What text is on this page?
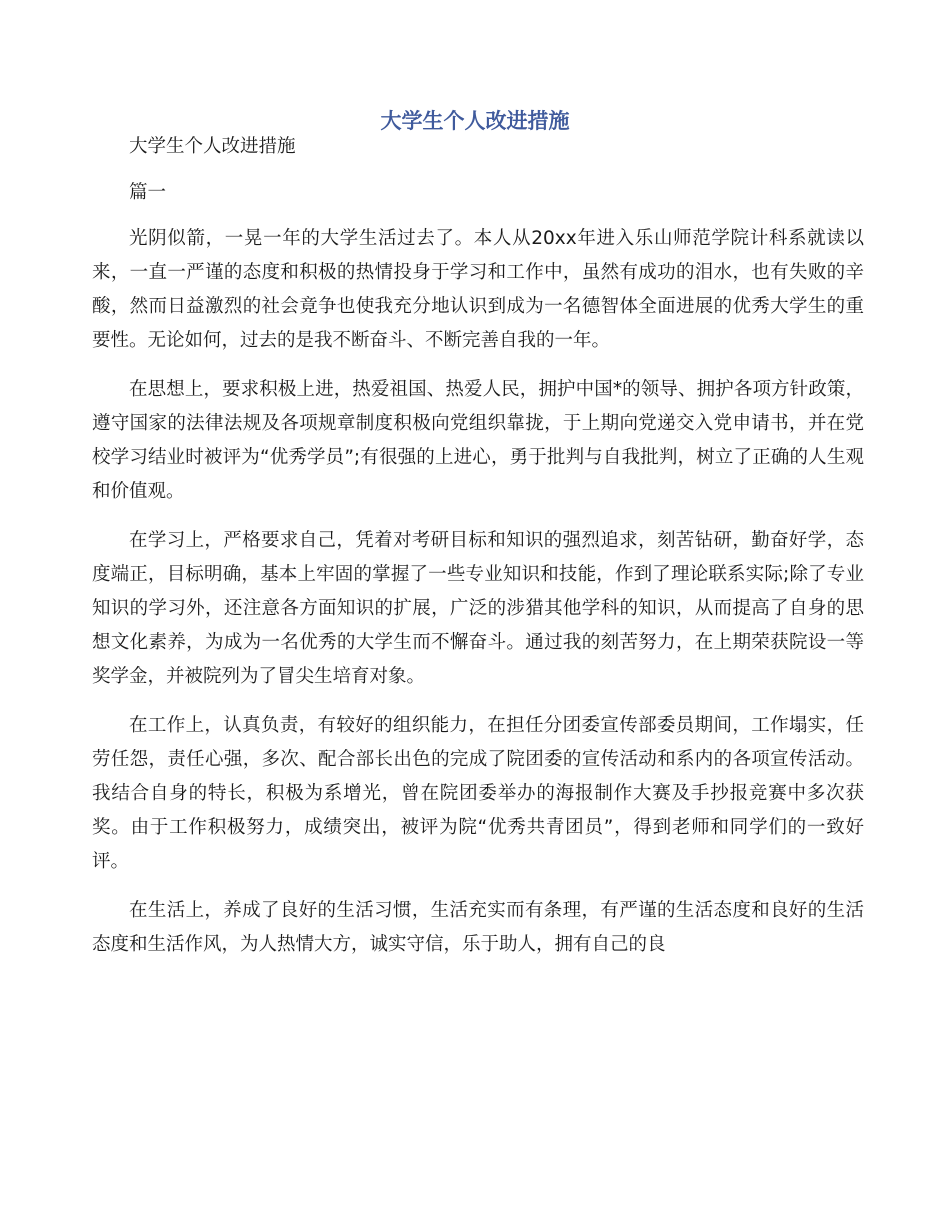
大学生个人改进措施

大学生个人改进措施

篇一

光阴似箭，一晃一年的大学生活过去了。本人从20xx年进入乐山师范学院计科系就读以来，一直一严谨的态度和积极的热情投身于学习和工作中，虽然有成功的泪水，也有失败的辛酸，然而日益激烈的社会竟争也使我充分地认识到成为一名德智体全面进展的优秀大学生的重要性。无论如何，过去的是我不断奋斗、不断完善自我的一年。

在思想上，要求积极上进，热爱祖国、热爱人民，拥护中国*的领导、拥护各项方针政策，遵守国家的法律法规及各项规章制度积极向党组织靠拢，于上期向党递交入党申请书，并在党校学习结业时被评为“优秀学员”;有很强的上进心，勇于批判与自我批判，树立了正确的人生观和价值观。

在学习上，严格要求自己，凭着对考研目标和知识的强烈追求，刻苦钻研，勤奋好学，态度端正，目标明确，基本上牢固的掌握了一些专业知识和技能，作到了理论联系实际;除了专业知识的学习外，还注意各方面知识的扩展，广泛的涉猎其他学科的知识，从而提高了自身的思想文化素养，为成为一名优秀的大学生而不懈奋斗。通过我的刻苦努力，在上期荣获院设一等奖学金，并被院列为了冒尖生培育对象。

在工作上，认真负责，有较好的组织能力，在担任分团委宣传部委员期间，工作塌实，任劳任怨，责任心强，多次、配合部长出色的完成了院团委的宣传活动和系内的各项宣传活动。我结合自身的特长，积极为系增光，曾在院团委举办的海报制作大赛及手抄报竞赛中多次获奖。由于工作积极努力，成绩突出，被评为院“优秀共青团员”，得到老师和同学们的一致好评。

在生活上，养成了良好的生活习惯，生活充实而有条理，有严谨的生活态度和良好的生活态度和生活作风，为人热情大方，诚实守信，乐于助人，拥有自己的良
